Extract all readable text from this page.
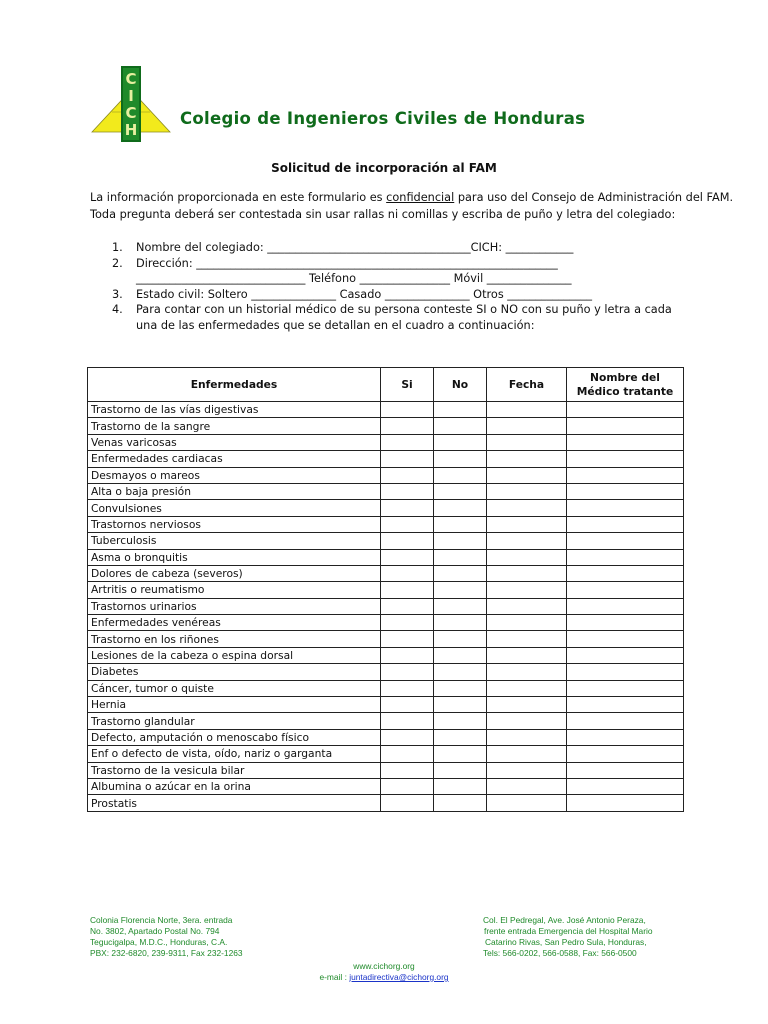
C
I
C
H
Colegio de Ingenieros Civiles de Honduras
Solicitud de incorporación al FAM

La información proporcionada en este formulario es confidencial para uso del Consejo de Administración del FAM.

Toda pregunta deberá ser contestada sin usar rallas ni comillas y escriba de puño y letra del colegiado:

1. Nombre del colegiado: ____________________________________CICH: ____________
2. Dirección: ________________________________________________________________
______________________________ Teléfono ________________ Móvil _______________
3. Estado civil: Soltero _______________ Casado _______________ Otros _______________
4. Para contar con un historial médico de su persona conteste SI o NO con su puño y letra a cada una de las enfermedades que se detallan en el cuadro a continuación:
Enfermedades	Si	No	Fecha	Nombre del Médico tratante
Trastorno de las vías digestivas				
Trastorno de la sangre				
Venas varicosas				
Enfermedades cardiacas				
Desmayos o mareos				
Alta o baja presión				
Convulsiones				
Trastornos nerviosos				
Tuberculosis				
Asma o bronquitis				
Dolores de cabeza (severos)				
Artritis o reumatismo				
Trastornos urinarios				
Enfermedades venéreas				
Trastorno en los riñones				
Lesiones de la cabeza o espina dorsal				
Diabetes				
Cáncer, tumor o quiste				
Hernia				
Trastorno glandular				
Defecto, amputación o menoscabo físico				
Enf o defecto de vista, oído, nariz o garganta				
Trastorno de la vesicula bilar				
Albumina o azúcar en la orina				
Prostatis				
Colonia Florencia Norte, 3era. entrada
No. 3802, Apartado Postal No. 794
Tegucigalpa, M.D.C., Honduras, C.A.
PBX: 232-6820, 239-9311, Fax 232-1263
Col. El Pedregal, Ave. José Antonio Peraza,
frente entrada Emergencia del Hospital Mario
Catarino Rivas, San Pedro Sula, Honduras,
Tels: 566-0202, 566-0588, Fax: 566-0500
www.cichorg.org
e-mail : juntadirectiva@cichorg.org
